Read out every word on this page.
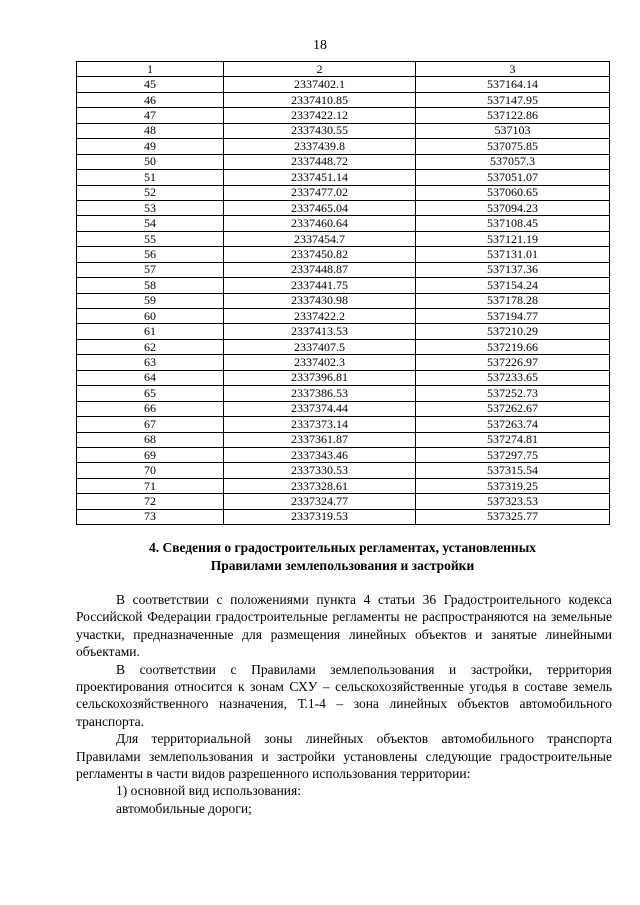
18
1	2	3
45	2337402.1	537164.14
46	2337410.85	537147.95
47	2337422.12	537122.86
48	2337430.55	537103
49	2337439.8	537075.85
50	2337448.72	537057.3
51	2337451.14	537051.07
52	2337477.02	537060.65
53	2337465.04	537094.23
54	2337460.64	537108.45
55	2337454.7	537121.19
56	2337450.82	537131.01
57	2337448.87	537137.36
58	2337441.75	537154.24
59	2337430.98	537178.28
60	2337422.2	537194.77
61	2337413.53	537210.29
62	2337407.5	537219.66
63	2337402.3	537226.97
64	2337396.81	537233.65
65	2337386.53	537252.73
66	2337374.44	537262.67
67	2337373.14	537263.74
68	2337361.87	537274.81
69	2337343.46	537297.75
70	2337330.53	537315.54
71	2337328.61	537319.25
72	2337324.77	537323.53
73	2337319.53	537325.77
4. Сведения о градостроительных регламентах, установленных
Правилами землепользования и застройки

В соответствии с положениями пункта 4 статьи 36 Градостроительного кодекса Российской Федерации градостроительные регламенты не распространяются на земельные участки, предназначенные для размещения линейных объектов и занятые линейными объектами.

В соответствии с Правилами землепользования и застройки, территория проектирования относится к зонам СХУ – сельскохозяйственные угодья в составе земель сельскохозяйственного назначения, Т.1-4 – зона линейных объектов автомобильного транспорта.

Для территориальной зоны линейных объектов автомобильного транспорта Правилами землепользования и застройки установлены следующие градостроительные регламенты в части видов разрешенного использования территории:

1) основной вид использования:

автомобильные дороги;
